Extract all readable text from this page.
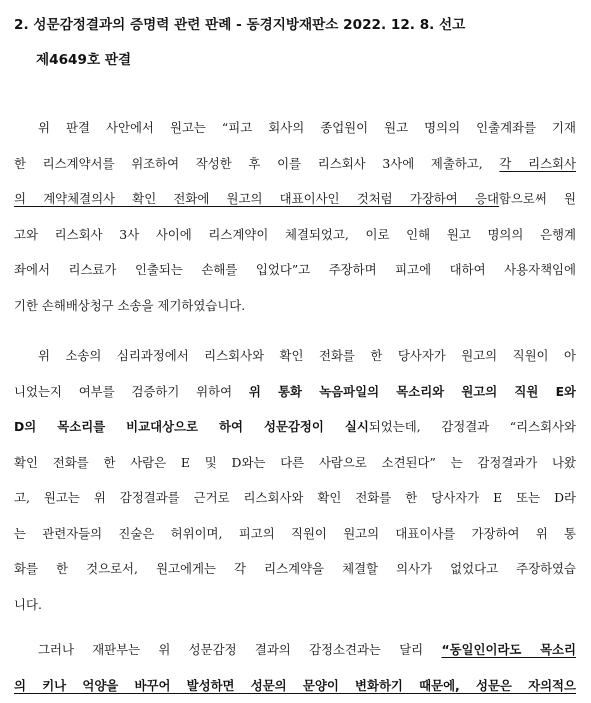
2. 성문감정결과의 증명력 관련 판례 - 동경지방재판소 2022. 12. 8. 선고
제4649호 판결
위 판결 사안에서 원고는 “피고 회사의 종업원이 원고 명의의 인출계좌를 기재
한 리스계약서를 위조하여 작성한 후 이를 리스회사 3사에 제출하고, 각 리스회사
의 계약체결의사 확인 전화에 원고의 대표이사인 것처럼 가장하여 응대함으로써 원
고와 리스회사 3사 사이에 리스계약이 체결되었고, 이로 인해 원고 명의의 은행계
좌에서 리스료가 인출되는 손해를 입었다”고 주장하며 피고에 대하여 사용자책임에
기한 손해배상청구 소송을 제기하였습니다.
위 소송의 심리과정에서 리스회사와 확인 전화를 한 당사자가 원고의 직원이 아
니었는지 여부를 검증하기 위하여 위 통화 녹음파일의 목소리와 원고의 직원 E와
D의 목소리를 비교대상으로 하여 성문감정이 실시되었는데, 감정결과 “리스회사와
확인 전화를 한 사람은 E 및 D와는 다른 사람으로 소견된다” 는 감정결과가 나왔
고, 원고는 위 감정결과를 근거로 리스회사와 확인 전화를 한 당사자가 E 또는 D라
는 관련자들의 진술은 허위이며, 피고의 직원이 원고의 대표이사를 가장하여 위 통
화를 한 것으로서, 원고에게는 각 리스계약을 체결할 의사가 없었다고 주장하였습
니다.
그러나 재판부는 위 성문감정 결과의 감정소견과는 달리 “동일인이라도 목소리
의 키나 억양을 바꾸어 발성하면 성문의 문양이 변화하기 때문에, 성문은 자의적으
